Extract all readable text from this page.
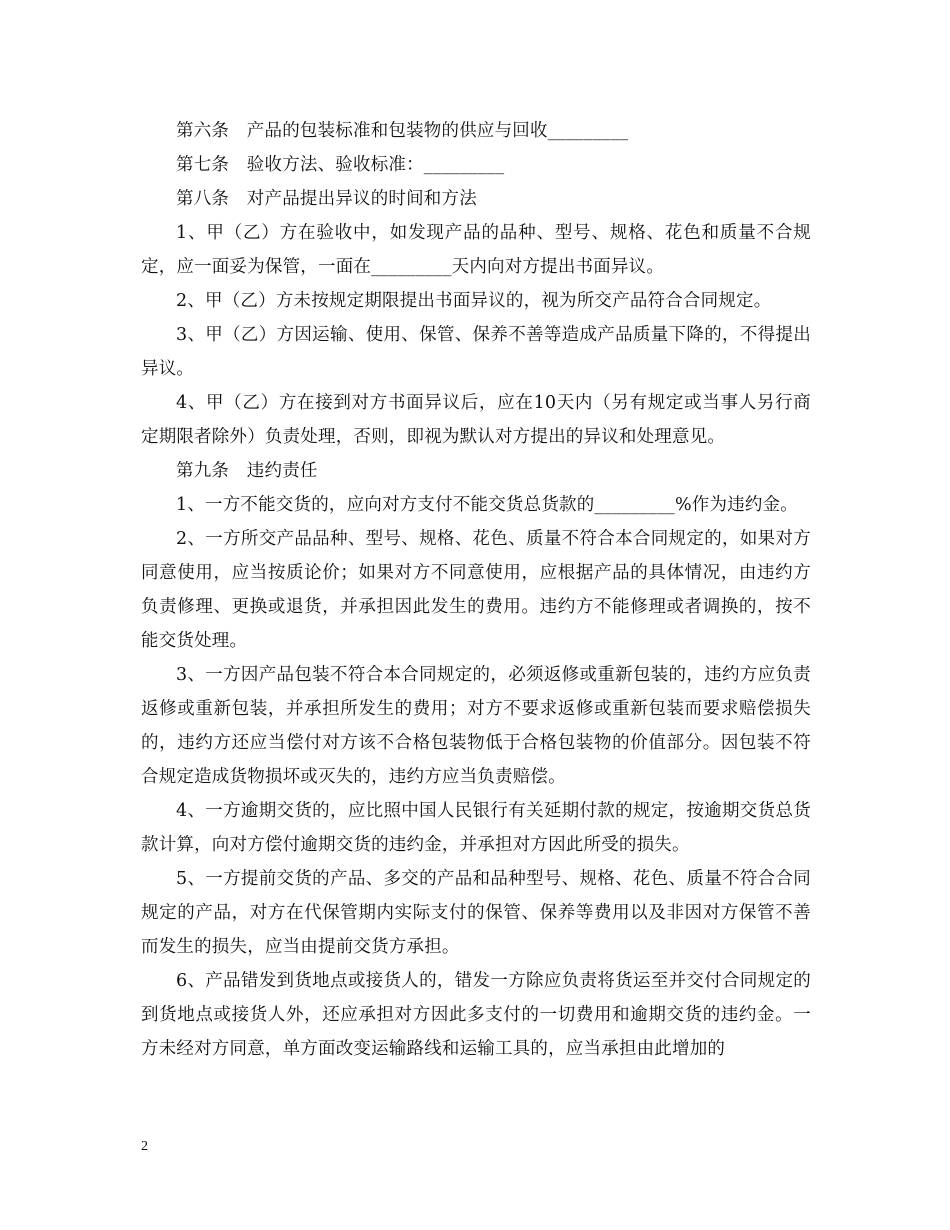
第六条　产品的包装标准和包装物的供应与回收_________

第七条　验收方法、验收标准：_________

第八条　对产品提出异议的时间和方法

1、甲（乙）方在验收中，如发现产品的品种、型号、规格、花色和质量不合规定，应一面妥为保管，一面在_________天内向对方提出书面异议。

2、甲（乙）方未按规定期限提出书面异议的，视为所交产品符合合同规定。

3、甲（乙）方因运输、使用、保管、保养不善等造成产品质量下降的，不得提出异议。

4、甲（乙）方在接到对方书面异议后，应在10天内（另有规定或当事人另行商定期限者除外）负责处理，否则，即视为默认对方提出的异议和处理意见。

第九条　违约责任

1、一方不能交货的，应向对方支付不能交货总货款的_________%作为违约金。

2、一方所交产品品种、型号、规格、花色、质量不符合本合同规定的，如果对方同意使用，应当按质论价；如果对方不同意使用，应根据产品的具体情况，由违约方负责修理、更换或退货，并承担因此发生的费用。违约方不能修理或者调换的，按不能交货处理。

3、一方因产品包装不符合本合同规定的，必须返修或重新包装的，违约方应负责返修或重新包装，并承担所发生的费用；对方不要求返修或重新包装而要求赔偿损失的，违约方还应当偿付对方该不合格包装物低于合格包装物的价值部分。因包装不符合规定造成货物损坏或灭失的，违约方应当负责赔偿。

4、一方逾期交货的，应比照中国人民银行有关延期付款的规定，按逾期交货总货款计算，向对方偿付逾期交货的违约金，并承担对方因此所受的损失。

5、一方提前交货的产品、多交的产品和品种型号、规格、花色、质量不符合合同规定的产品，对方在代保管期内实际支付的保管、保养等费用以及非因对方保管不善而发生的损失，应当由提前交货方承担。

6、产品错发到货地点或接货人的，错发一方除应负责将货运至并交付合同规定的到货地点或接货人外，还应承担对方因此多支付的一切费用和逾期交货的违约金。一方未经对方同意，单方面改变运输路线和运输工具的，应当承担由此增加的

2
